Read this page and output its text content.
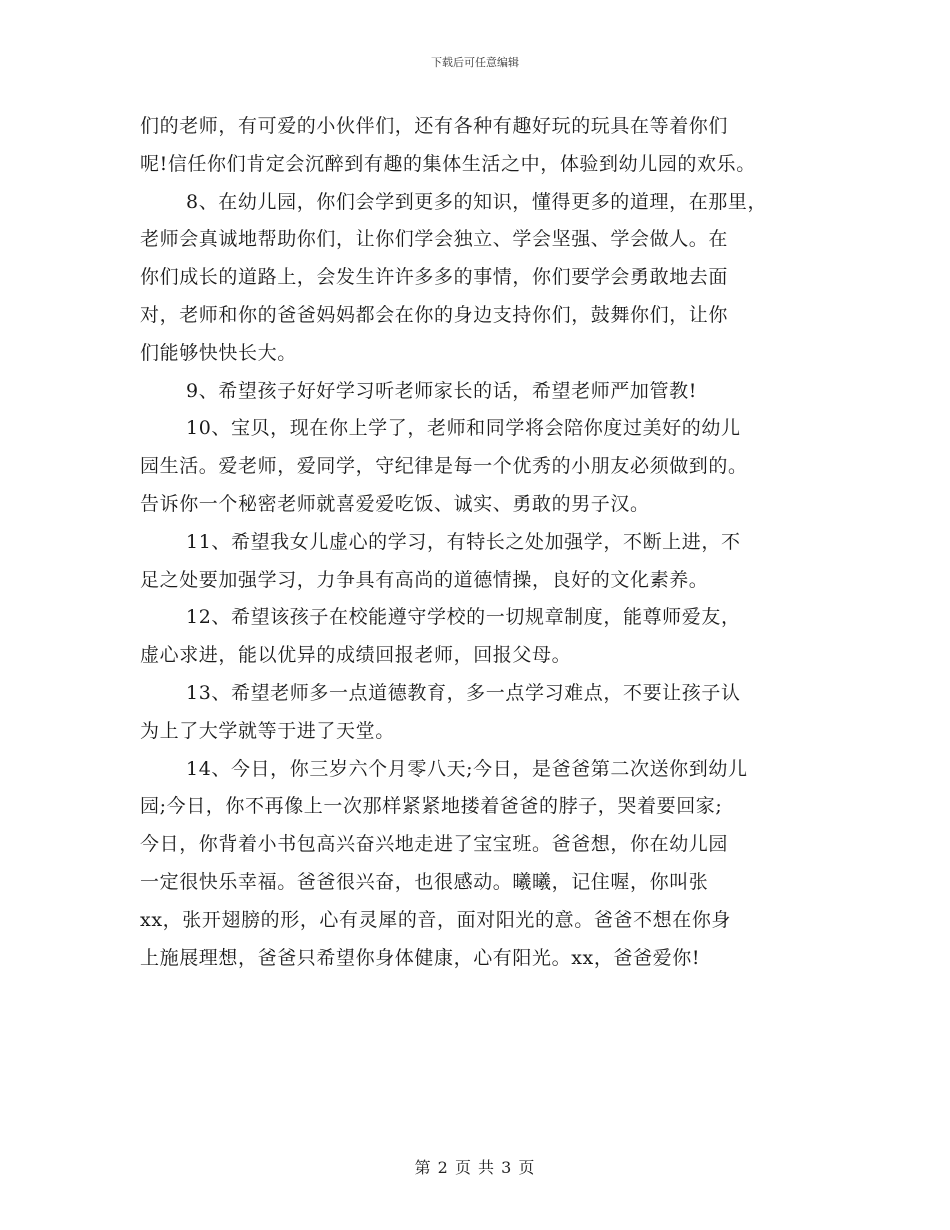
下载后可任意编辑
们的老师，有可爱的小伙伴们，还有各种有趣好玩的玩具在等着你们
呢!信任你们肯定会沉醉到有趣的集体生活之中，体验到幼儿园的欢乐。
8、在幼儿园，你们会学到更多的知识，懂得更多的道理，在那里，
老师会真诚地帮助你们，让你们学会独立、学会坚强、学会做人。在
你们成长的道路上，会发生许许多多的事情，你们要学会勇敢地去面
对，老师和你的爸爸妈妈都会在你的身边支持你们，鼓舞你们，让你
们能够快快长大。
9、希望孩子好好学习听老师家长的话，希望老师严加管教!
10、宝贝，现在你上学了，老师和同学将会陪你度过美好的幼儿
园生活。爱老师，爱同学，守纪律是每一个优秀的小朋友必须做到的。
告诉你一个秘密老师就喜爱爱吃饭、诚实、勇敢的男子汉。
11、希望我女儿虚心的学习，有特长之处加强学，不断上进，不
足之处要加强学习，力争具有高尚的道德情操，良好的文化素养。
12、希望该孩子在校能遵守学校的一切规章制度，能尊师爱友，
虚心求进，能以优异的成绩回报老师，回报父母。
13、希望老师多一点道德教育，多一点学习难点，不要让孩子认
为上了大学就等于进了天堂。
14、今日，你三岁六个月零八天;今日，是爸爸第二次送你到幼儿
园;今日，你不再像上一次那样紧紧地搂着爸爸的脖子，哭着要回家;
今日，你背着小书包高兴奋兴地走进了宝宝班。爸爸想，你在幼儿园
一定很快乐幸福。爸爸很兴奋，也很感动。曦曦，记住喔，你叫张
xx，张开翅膀的形，心有灵犀的音，面对阳光的意。爸爸不想在你身
上施展理想，爸爸只希望你身体健康，心有阳光。xx，爸爸爱你!
第 2 页 共 3 页
